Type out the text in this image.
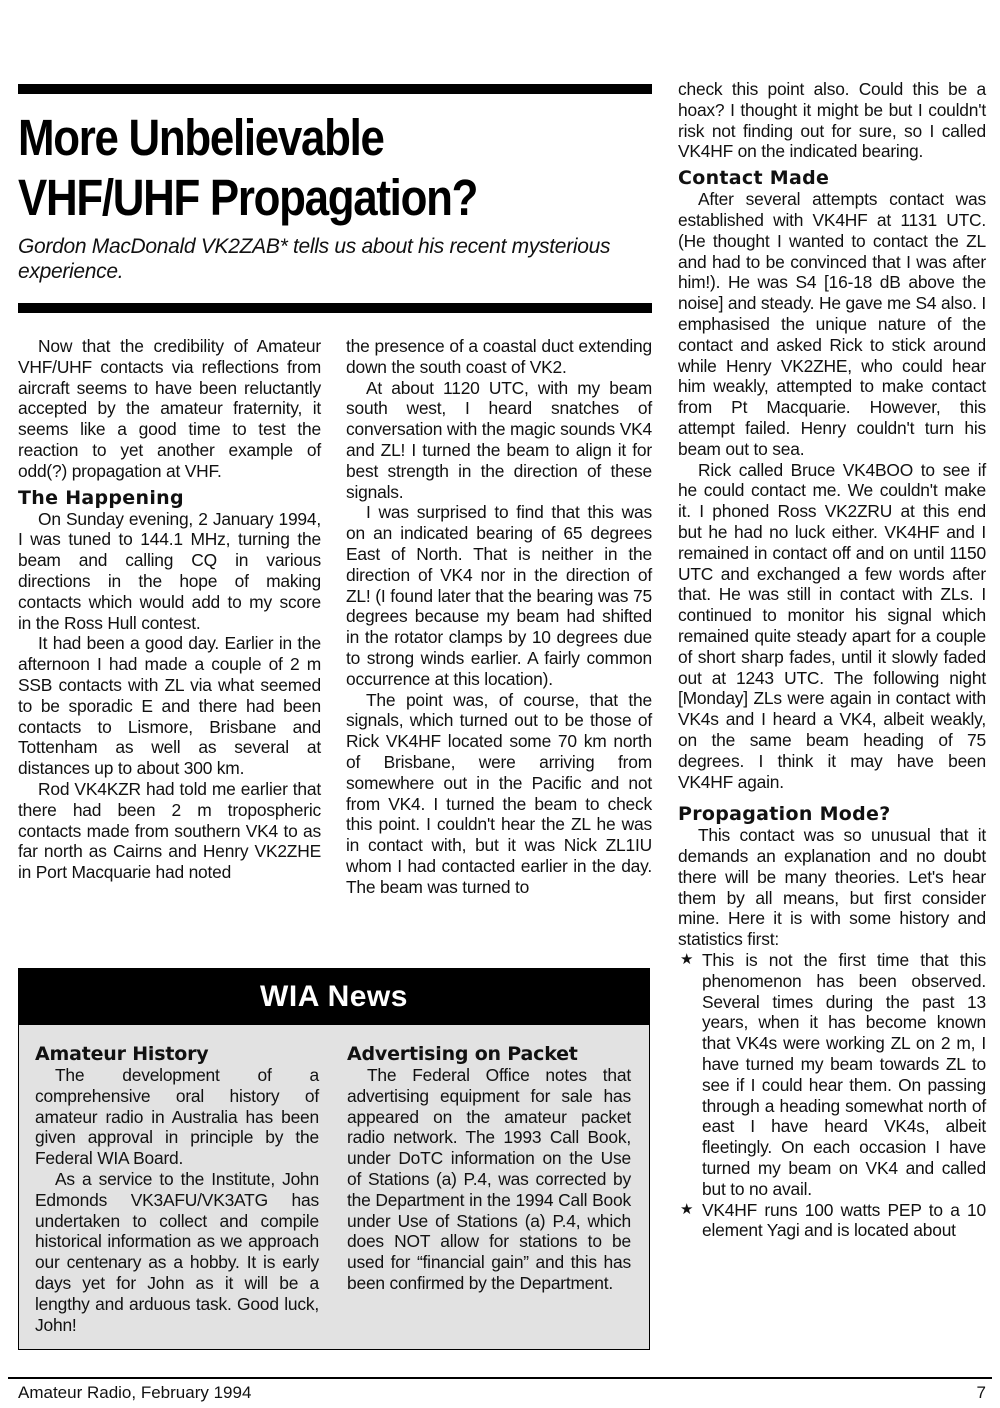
More Unbelievable VHF/UHF Propagation?

Gordon MacDonald VK2ZAB* tells us about his recent mysterious experience.

Now that the credibility of Amateur VHF/UHF contacts via reflections from aircraft seems to have been reluctantly accepted by the amateur fraternity, it seems like a good time to test the reaction to yet another example of odd(?) propagation at VHF.

The Happening

On Sunday evening, 2 January 1994, I was tuned to 144.1 MHz, turning the beam and calling CQ in various directions in the hope of making contacts which would add to my score in the Ross Hull contest.

It had been a good day. Earlier in the afternoon I had made a couple of 2 m SSB contacts with ZL via what seemed to be sporadic E and there had been contacts to Lismore, Brisbane and Tottenham as well as several at distances up to about 300 km.

Rod VK4KZR had told me earlier that there had been 2 m tropospheric contacts made from southern VK4 to as far north as Cairns and Henry VK2ZHE in Port Macquarie had noted

the presence of a coastal duct extending down the south coast of VK2.

At about 1120 UTC, with my beam south west, I heard snatches of conversation with the magic sounds VK4 and ZL! I turned the beam to align it for best strength in the direction of these signals.

I was surprised to find that this was on an indicated bearing of 65 degrees East of North. That is neither in the direction of VK4 nor in the direction of ZL! (I found later that the bearing was 75 degrees because my beam had shifted in the rotator clamps by 10 degrees due to strong winds earlier. A fairly common occurrence at this location).

The point was, of course, that the signals, which turned out to be those of Rick VK4HF located some 70 km north of Brisbane, were arriving from somewhere out in the Pacific and not from VK4. I turned the beam to check this point. I couldn't hear the ZL he was in contact with, but it was Nick ZL1IU whom I had contacted earlier in the day. The beam was turned to

check this point also. Could this be a hoax? I thought it might be but I couldn't risk not finding out for sure, so I called VK4HF on the indicated bearing.

Contact Made

After several attempts contact was established with VK4HF at 1131 UTC. (He thought I wanted to contact the ZL and had to be convinced that I was after him!). He was S4 [16-18 dB above the noise] and steady. He gave me S4 also. I emphasised the unique nature of the contact and asked Rick to stick around while Henry VK2ZHE, who could hear him weakly, attempted to make contact from Pt Macquarie. However, this attempt failed. Henry couldn't turn his beam out to sea.

Rick called Bruce VK4BOO to see if he could contact me. We couldn't make it. I phoned Ross VK2ZRU at this end but he had no luck either. VK4HF and I remained in contact off and on until 1150 UTC and exchanged a few words after that. He was still in contact with ZLs. I continued to monitor his signal which remained quite steady apart for a couple of short sharp fades, until it slowly faded out at 1243 UTC. The following night [Monday] ZLs were again in contact with VK4s and I heard a VK4, albeit weakly, on the same beam heading of 75 degrees. I think it may have been VK4HF again.

Propagation Mode?

This contact was so unusual that it demands an explanation and no doubt there will be many theories. Let's hear them by all means, but first consider mine. Here it is with some history and statistics first:

★ This is not the first time that this phenomenon has been observed. Several times during the past 13 years, when it has become known that VK4s were working ZL on 2 m, I have turned my beam towards ZL to see if I could hear them. On passing through a heading somewhat north of east I have heard VK4s, albeit fleetingly. On each occasion I have turned my beam on VK4 and called but to no avail.
★ VK4HF runs 100 watts PEP to a 10 element Yagi and is located about
WIA News
Amateur History

The development of a comprehensive oral history of amateur radio in Australia has been given approval in principle by the Federal WIA Board.

As a service to the Institute, John Edmonds VK3AFU/VK3ATG has undertaken to collect and compile historical information as we approach our centenary as a hobby. It is early days yet for John as it will be a lengthy and arduous task. Good luck, John!

Advertising on Packet

The Federal Office notes that advertising equipment for sale has appeared on the amateur packet radio network. The 1993 Call Book, under DoTC information on the Use of Stations (a) P.4, was corrected by the Department in the 1994 Call Book under Use of Stations (a) P.4, which does NOT allow for stations to be used for “financial gain” and this has been confirmed by the Department.

Amateur Radio, February 1994	7
